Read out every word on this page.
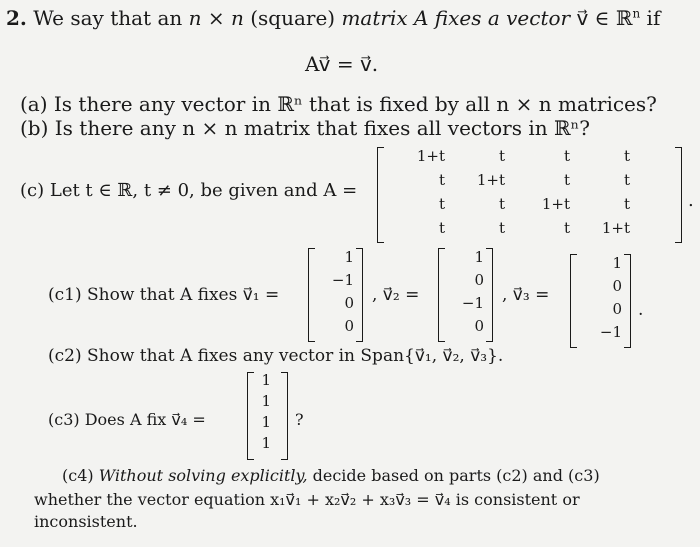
2. We say that an n × n (square) matrix A fixes a vector v⃗ ∈ ℝ$^n$ if
Av⃗ = v⃗.
(a) Is there any vector in ℝⁿ that is fixed by all n × n matrices?
(b) Is there any n × n matrix that fixes all vectors in ℝⁿ?
(c) Let t ∈ ℝ, t ≠ 0, be given and A =
1+t	t	t	t
t	1+t	t	t
t	t	1+t	t
t	t	t	1+t
.
(c1) Show that A fixes v⃗₁ =
1
−1
0
0
, v⃗₂ =
1
0
−1
0
, v⃗₃ =
1
0
0
−1
.
(c2) Show that A fixes any vector in Span{v⃗₁, v⃗₂, v⃗₃}.
(c3) Does A fix v⃗₄ =
1
1
1
1
?
(c4) Without solving explicitly, decide based on parts (c2) and (c3)
whether the vector equation x₁v⃗₁ + x₂v⃗₂ + x₃v⃗₃ = v⃗₄ is consistent or
inconsistent.
